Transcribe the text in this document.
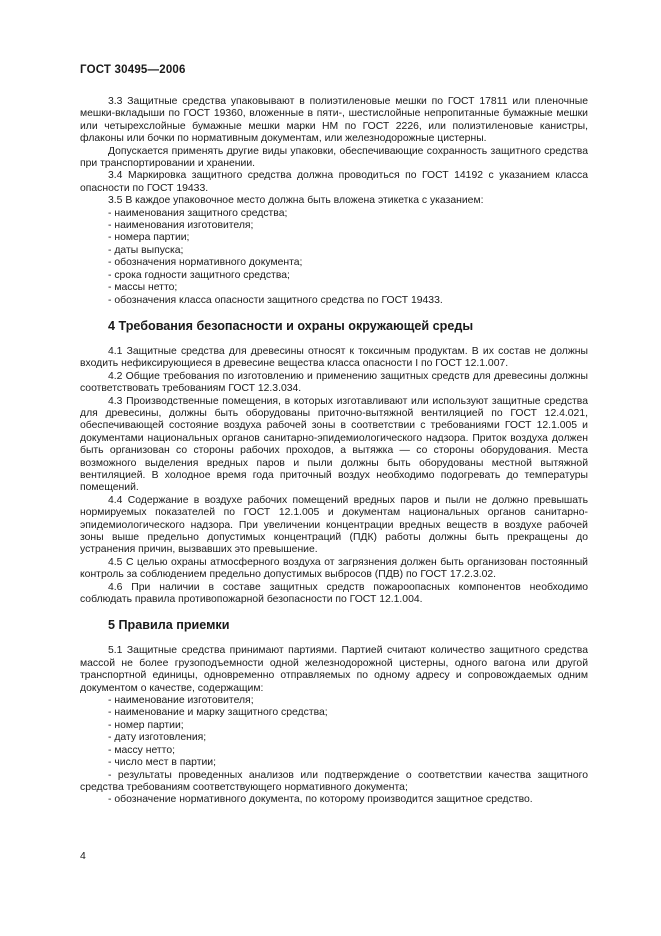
ГОСТ 30495—2006

3.3 Защитные средства упаковывают в полиэтиленовые мешки по ГОСТ 17811 или пленочные мешки-вкладыши по ГОСТ 19360, вложенные в пяти-, шестислойные непропитанные бумажные мешки или четырехслойные бумажные мешки марки НМ по ГОСТ 2226, или полиэтиленовые канистры, флаконы или бочки по нормативным документам, или железнодорожные цистерны.

Допускается применять другие виды упаковки, обеспечивающие сохранность защитного средства при транспортировании и хранении.

3.4 Маркировка защитного средства должна проводиться по ГОСТ 14192 с указанием класса опасности по ГОСТ 19433.

3.5 В каждое упаковочное место должна быть вложена этикетка с указанием:

- наименования защитного средства;

- наименования изготовителя;

- номера партии;

- даты выпуска;

- обозначения нормативного документа;

- срока годности защитного средства;

- массы нетто;

- обозначения класса опасности защитного средства по ГОСТ 19433.

4 Требования безопасности и охраны окружающей среды

4.1 Защитные средства для древесины относят к токсичным продуктам. В их состав не должны входить нефиксирующиеся в древесине вещества класса опасности I по ГОСТ 12.1.007.

4.2 Общие требования по изготовлению и применению защитных средств для древесины должны соответствовать требованиям ГОСТ 12.3.034.

4.3 Производственные помещения, в которых изготавливают или используют защитные средства для древесины, должны быть оборудованы приточно-вытяжной вентиляцией по ГОСТ 12.4.021, обеспечивающей состояние воздуха рабочей зоны в соответствии с требованиями ГОСТ 12.1.005 и документами национальных органов санитарно-эпидемиологического надзора. Приток воздуха должен быть организован со стороны рабочих проходов, а вытяжка — со стороны оборудования. Места возможного выделения вредных паров и пыли должны быть оборудованы местной вытяжной вентиляцией. В холодное время года приточный воздух необходимо подогревать до температуры помещений.

4.4 Содержание в воздухе рабочих помещений вредных паров и пыли не должно превышать нормируемых показателей по ГОСТ 12.1.005 и документам национальных органов санитарно-эпидемиологического надзора. При увеличении концентрации вредных веществ в воздухе рабочей зоны выше предельно допустимых концентраций (ПДК) работы должны быть прекращены до устранения причин, вызвавших это превышение.

4.5 С целью охраны атмосферного воздуха от загрязнения должен быть организован постоянный контроль за соблюдением предельно допустимых выбросов (ПДВ) по ГОСТ 17.2.3.02.

4.6 При наличии в составе защитных средств пожароопасных компонентов необходимо соблюдать правила противопожарной безопасности по ГОСТ 12.1.004.

5 Правила приемки

5.1 Защитные средства принимают партиями. Партией считают количество защитного средства массой не более грузоподъемности одной железнодорожной цистерны, одного вагона или другой транспортной единицы, одновременно отправляемых по одному адресу и сопровождаемых одним документом о качестве, содержащим:

- наименование изготовителя;

- наименование и марку защитного средства;

- номер партии;

- дату изготовления;

- массу нетто;

- число мест в партии;

- результаты проведенных анализов или подтверждение о соответствии качества защитного средства требованиям соответствующего нормативного документа;

- обозначение нормативного документа, по которому производится защитное средство.

4
